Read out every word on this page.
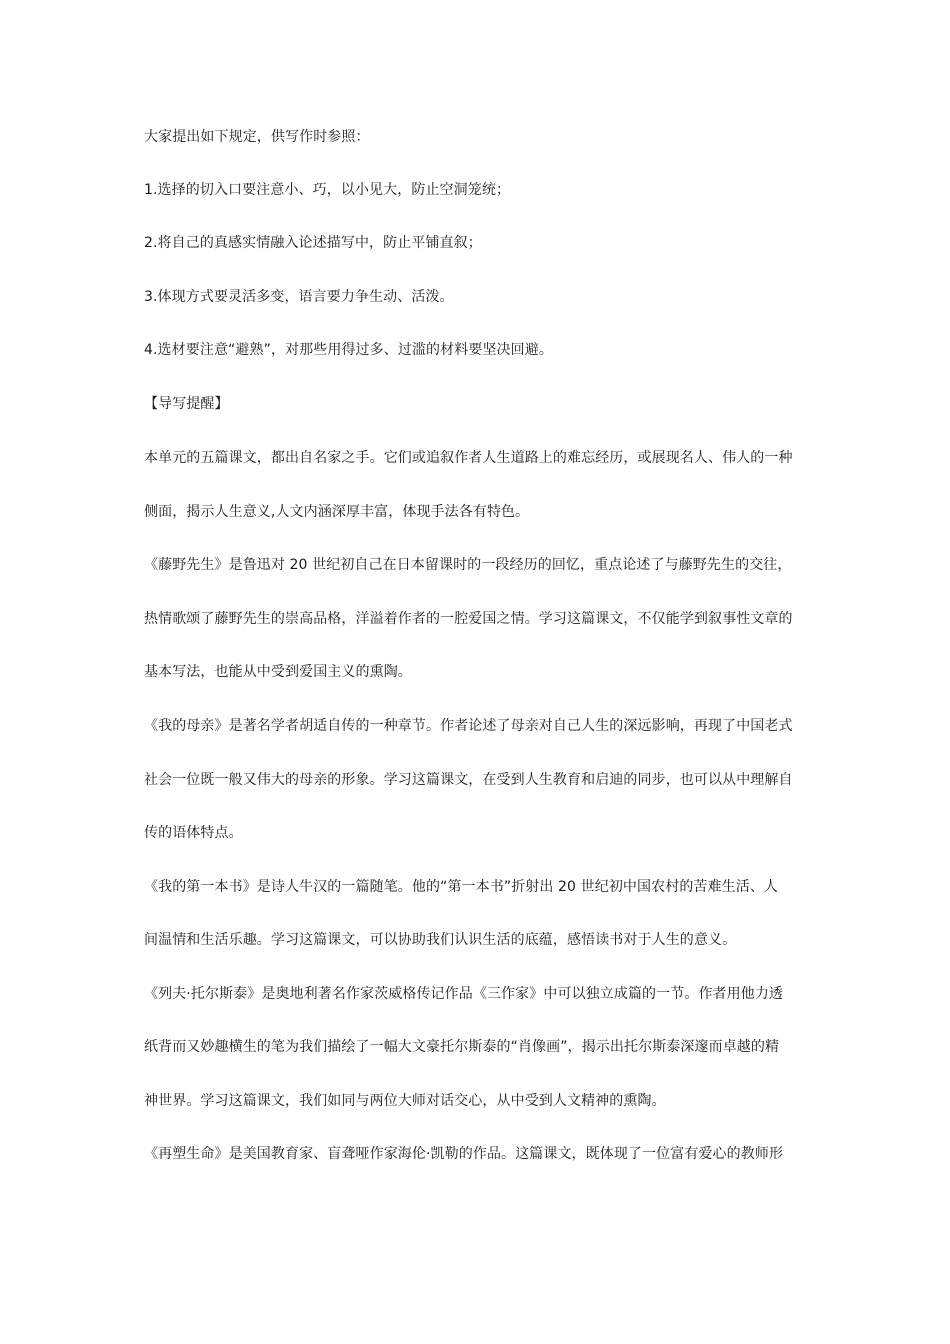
大家提出如下规定，供写作时参照：
1.选择的切入口要注意小、巧，以小见大，防止空洞笼统；
2.将自己的真感实情融入论述描写中，防止平铺直叙；
3.体现方式要灵活多变，语言要力争生动、活泼。
4.选材要注意“避熟”，对那些用得过多、过滥的材料要坚决回避。
【导写提醒】
本单元的五篇课文，都出自名家之手。它们或追叙作者人生道路上的难忘经历，或展现名人、伟人的一种
侧面，揭示人生意义,人文内涵深厚丰富，体现手法各有特色。
《藤野先生》是鲁迅对 20 世纪初自己在日本留课时的一段经历的回忆，重点论述了与藤野先生的交往，
热情歌颂了藤野先生的崇高品格，洋溢着作者的一腔爱国之情。学习这篇课文，不仅能学到叙事性文章的
基本写法，也能从中受到爱国主义的熏陶。
《我的母亲》是著名学者胡适自传的一种章节。作者论述了母亲对自己人生的深远影响，再现了中国老式
社会一位既一般又伟大的母亲的形象。学习这篇课文，在受到人生教育和启迪的同步，也可以从中理解自
传的语体特点。
《我的第一本书》是诗人牛汉的一篇随笔。他的“第一本书”折射出 20 世纪初中国农村的苦难生活、人
间温情和生活乐趣。学习这篇课文，可以协助我们认识生活的底蕴，感悟读书对于人生的意义。
《列夫·托尔斯泰》是奥地利著名作家茨威格传记作品《三作家》中可以独立成篇的一节。作者用他力透
纸背而又妙趣横生的笔为我们描绘了一幅大文豪托尔斯泰的“肖像画”，揭示出托尔斯泰深邃而卓越的精
神世界。学习这篇课文，我们如同与两位大师对话交心，从中受到人文精神的熏陶。
《再塑生命》是美国教育家、盲聋哑作家海伦·凯勒的作品。这篇课文，既体现了一位富有爱心的教师形
